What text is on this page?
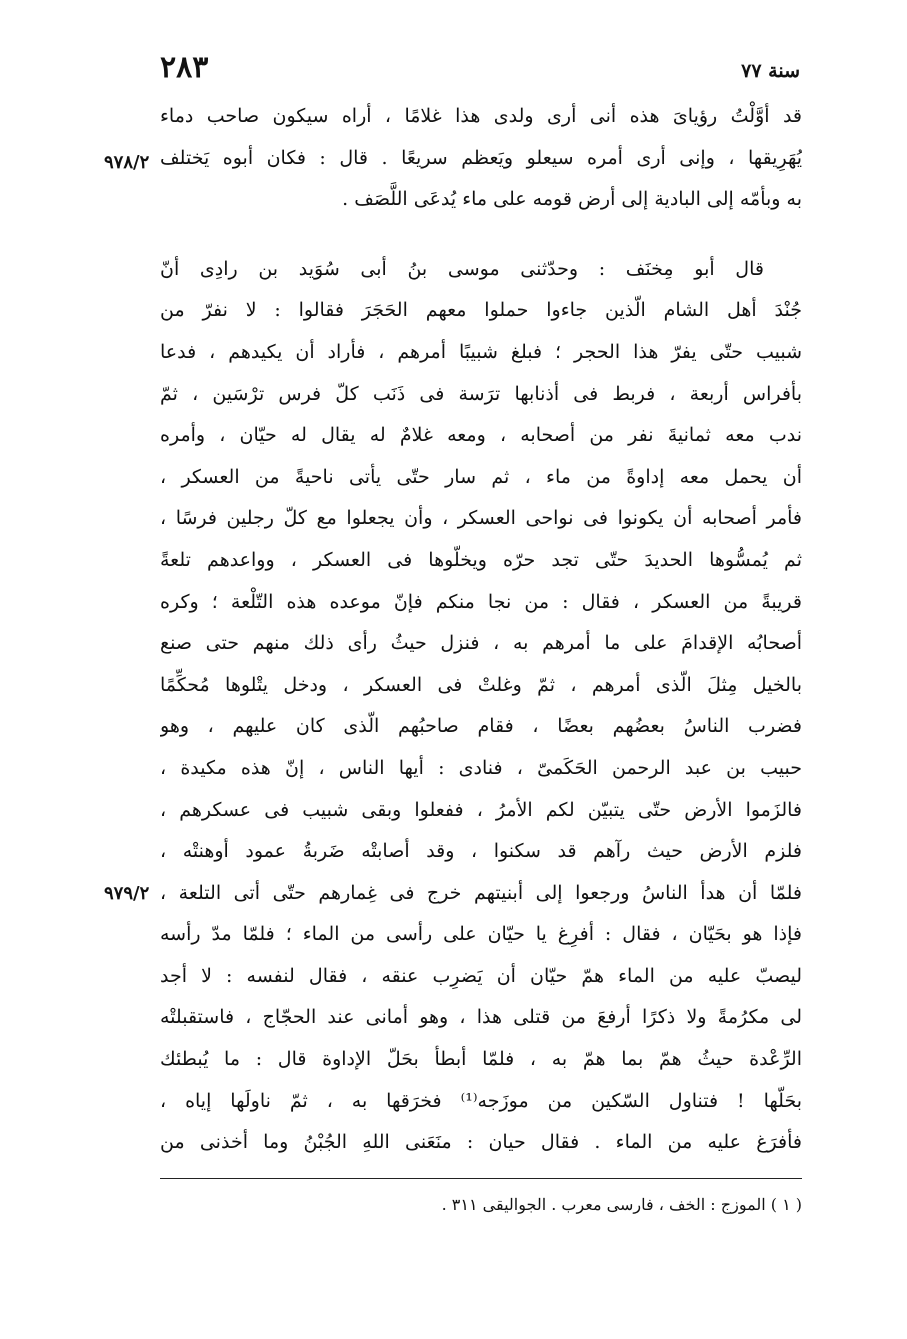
سنة ٧٧
٢٨٣
٩٧٨/٢
٩٧٩/٢
قد أوَّلْتُ رؤياىَ هذه أنى أرى ولدى هذا غلامًا ، أراه سيكون صاحب دماء
يُهَرِيقها ، وإنى أرى أمره سيعلو ويَعظم سريعًا . قال : فكان أبوه يَختلف
به وبأمّه إلى البادية إلى أرض قومه على ماء يُدعَى اللَّصَف .
قال أبو مِخنَف : وحدّثنى موسى بنُ أبى سُوَيد بن رادِى أنّ
جُنْدَ أهل الشام الّذين جاءوا حملوا معهم الحَجَرَ فقالوا : لا نفرّ من
شبيب حتّى يفرّ هذا الحجر ؛ فبلغ شبيبًا أمرهم ، فأراد أن يكيدهم ، فدعا
بأفراس أربعة ، فربط فى أذنابها ترَسة فى ذَنَب كلّ فرس ترْسَين ، ثمّ
ندب معه ثمانيةَ نفر من أصحابه ، ومعه غلامٌ له يقال له حيّان ، وأمره
أن يحمل معه إداوةً من ماء ، ثم سار حتّى يأتى ناحيةً من العسكر ،
فأمر أصحابه أن يكونوا فى نواحى العسكر ، وأن يجعلوا مع كلّ رجلين فرسًا ،
ثم يُمسُّوها الحديدَ حتّى تجد حرّه ويخلّوها فى العسكر ، وواعدهم تلعةً
قريبةً من العسكر ، فقال : من نجا منكم فإنّ موعده هذه التّلْعة ؛ وكره
أصحابُه الإقدامَ على ما أمرهم به ، فنزل حيثُ رأى ذلك منهم حتى صنع
بالخيل مِثلَ الّذى أمرهم ، ثمّ وغلتْ فى العسكر ، ودخل يتْلوها مُحكِّمًا
فضرب الناسُ بعضُهم بعضًا ، فقام صاحبُهم الّذى كان عليهم ، وهو
حبيب بن عبد الرحمن الحَكَمىّ ، فنادى : أيها الناس ، إنّ هذه مكيدة ،
فالزَموا الأرض حتّى يتبيّن لكم الأمرُ ، ففعلوا وبقى شبيب فى عسكرهم ،
فلزم الأرض حيث رآهم قد سكنوا ، وقد أصابتْه ضَربةُ عمود أوهنتْه ،
فلمّا أن هدأ الناسُ ورجعوا إلى أبنيتهم خرج فى غِمارهم حتّى أتى التلعة ،
فإذا هو بحَيّان ، فقال : أفرِغ يا حيّان على رأسى من الماء ؛ فلمّا مدّ رأسه
ليصبّ عليه من الماء همّ حيّان أن يَضرِب عنقه ، فقال لنفسه : لا أجد
لى مكرُمةً ولا ذكرًا أرفعَ من قتلى هذا ، وهو أمانى عند الحجّاج ، فاستقبلتْه
الرِّعْدة حيثُ همّ بما همّ به ، فلمّا أبطأ بحَلّ الإداوة قال : ما يُبطئك
بحَلّها ! فتناول السّكين من موزَجه⁽¹⁾ فخرَقها به ، ثمّ ناولَها إياه ،
فأفرَغ عليه من الماء . فقال حيان : منَعَنى اللهِ الجُبْنُ وما أخذنى من
( ١ ) الموزج : الخف ، فارسى معرب . الجواليقى ٣١١ .
